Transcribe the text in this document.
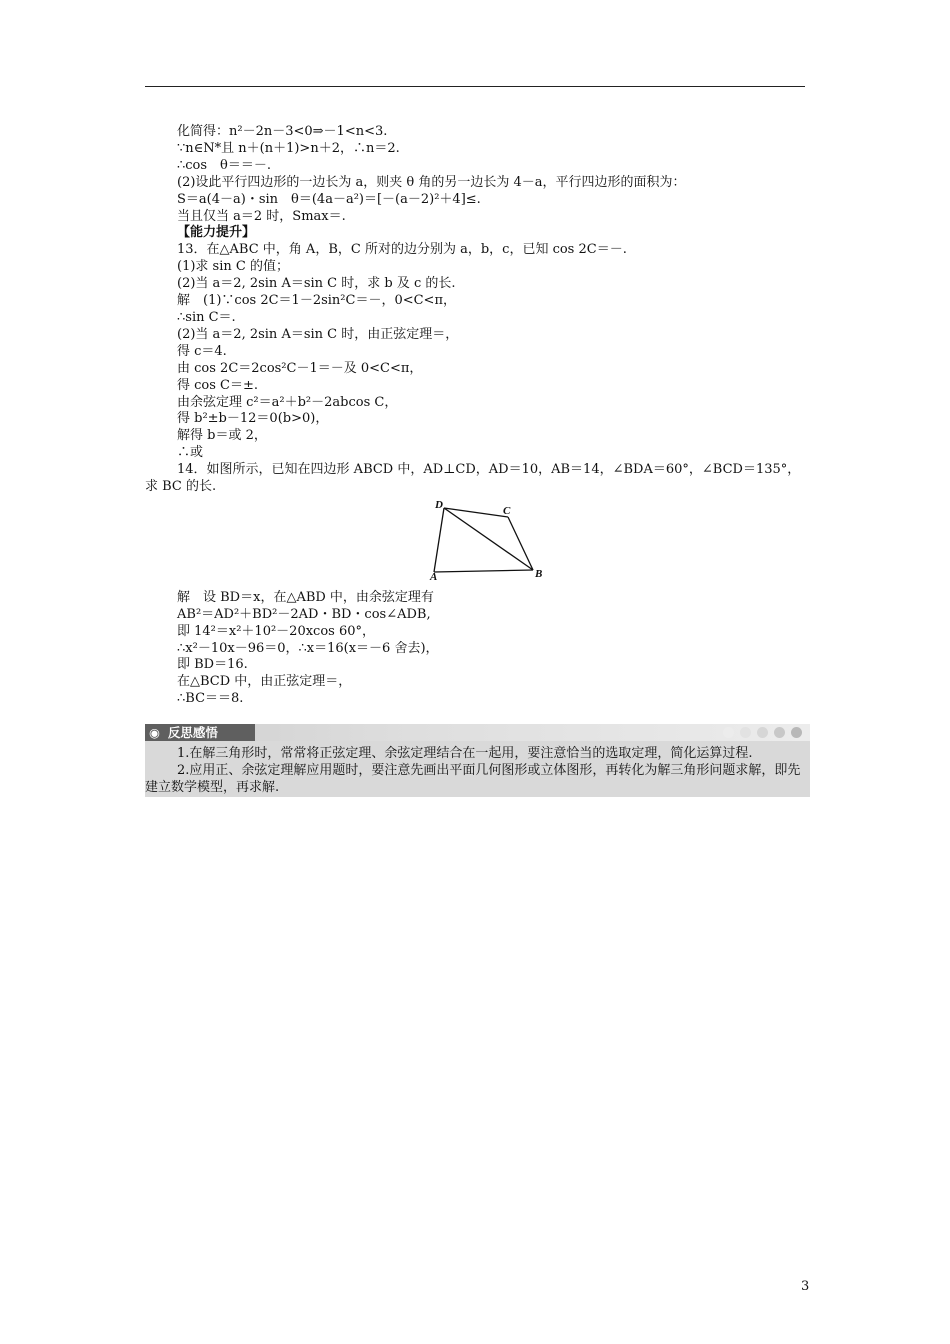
化简得：n²－2n－3<0⇒－1<n<3.
∵n∈N*且 n＋(n＋1)>n＋2，∴n＝2.
∴cos　θ＝＝－.
(2)设此平行四边形的一边长为 a，则夹 θ 角的另一边长为 4－a，平行四边形的面积为：
S＝a(4－a)・sin　θ＝(4a－a²)＝[－(a－2)²＋4]≤.
当且仅当 a＝2 时，Smax＝.
【能力提升】
13．在△ABC 中，角 A，B，C 所对的边分别为 a，b，c，已知 cos 2C＝－.
(1)求 sin C 的值；
(2)当 a＝2, 2sin A＝sin C 时，求 b 及 c 的长.
解　(1)∵cos 2C＝1－2sin²C＝－，0<C<π，
∴sin C＝.
(2)当 a＝2, 2sin A＝sin C 时，由正弦定理＝，
得 c＝4.
由 cos 2C＝2cos²C－1＝－及 0<C<π，
得 cos C＝±.
由余弦定理 c²＝a²＋b²－2abcos C，
得 b²±b－12＝0(b>0)，
解得 b＝或 2，
∴或
14．如图所示，已知在四边形 ABCD 中，AD⊥CD，AD＝10，AB＝14，∠BDA＝60°，∠BCD＝135°，求 BC 的长.
D	C
A	B
解　设 BD＝x，在△ABD 中，由余弦定理有
AB²＝AD²＋BD²－2AD・BD・cos∠ADB,
即 14²＝x²＋10²－20xcos 60°，
∴x²－10x－96＝0，∴x＝16(x＝－6 舍去)，
即 BD＝16.
在△BCD 中，由正弦定理＝，
∴BC＝＝8.
◉ 反思感悟

1.在解三角形时，常常将正弦定理、余弦定理结合在一起用，要注意恰当的选取定理，简化运算过程.

2.应用正、余弦定理解应用题时，要注意先画出平面几何图形或立体图形，再转化为解三角形问题求解，即先建立数学模型，再求解.

3
